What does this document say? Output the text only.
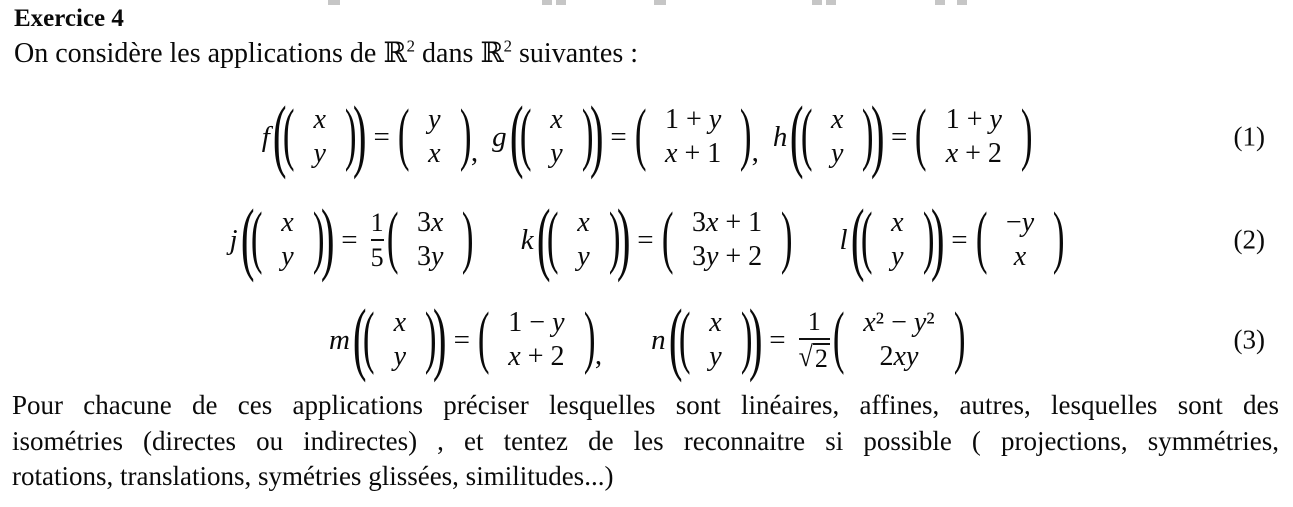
Exercice 4
On considère les applications de ℝ$^2$ dans ℝ$^2$ suivantes :
f (
( x
y )
) = ( y
x ) , g (
( x
y )
) = ( 1 + y
x + 1 ) , h (
( x
y )
) = ( 1 + y
x + 2 )	(1)
j (
( x
y )
) = $\frac{1}{5}$ ( 3x
3y ) k (
( x
y )
) = ( 3x + 1
3y + 2 ) l (
( x
y )
) = ( −y
x )	(2)
m (
( x
y )
) = ( 1 − y
x + 2 ) , n (
( x
y )
) = $\frac{1}{√ 2}$ ( x² − y²
2xy )	(3)
Pour chacune de ces applications préciser lesquelles sont linéaires, affines, autres, lesquelles sont des
isométries (directes ou indirectes) , et tentez de les reconnaitre si possible ( projections, symmétries,
rotations, translations, symétries glissées, similitudes...)
